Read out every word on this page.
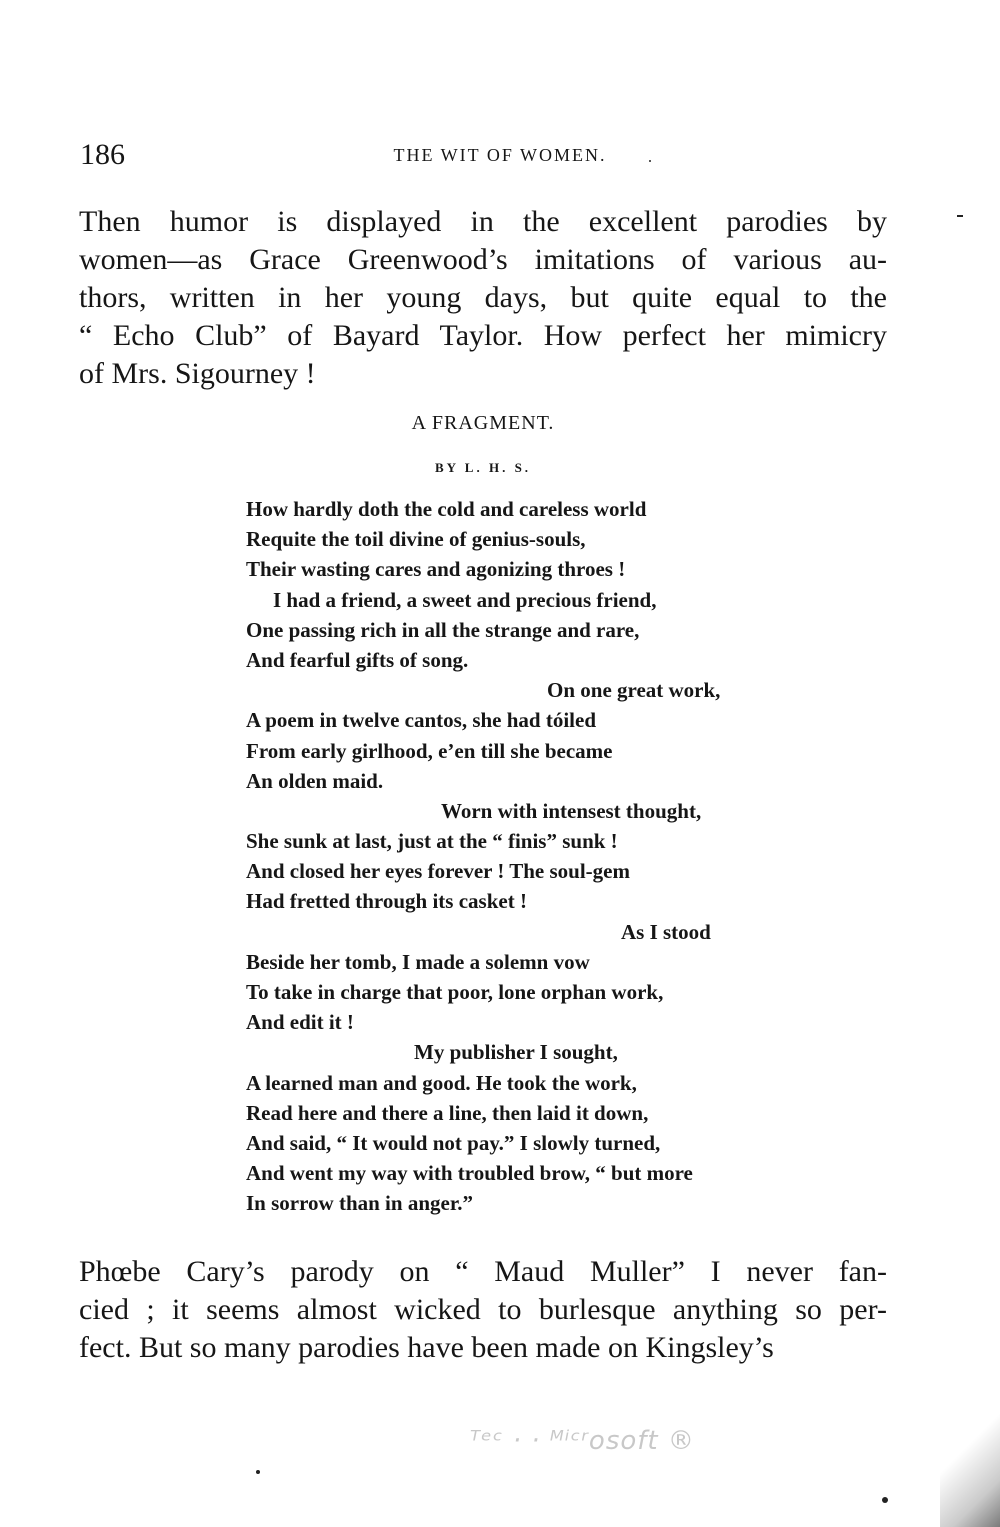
186	THE WIT OF WOMEN.
Then humor is displayed in the excellent parodies by
women—as Grace Greenwood’s imitations of various au-
thors, written in her young days, but quite equal to the
“ Echo Club” of Bayard Taylor. How perfect her mimicry
of Mrs. Sigourney !
A FRAGMENT.
BY L. H. S.
How hardly doth the cold and careless world
Requite the toil divine of genius-souls,
Their wasting cares and agonizing throes !
I had a friend, a sweet and precious friend,
One passing rich in all the strange and rare,
And fearful gifts of song.
On one great work,
A poem in twelve cantos, she had tóiled
From early girlhood, e’en till she became
An olden maid.
Worn with intensest thought,
She sunk at last, just at the “ finis” sunk !
And closed her eyes forever ! The soul-gem
Had fretted through its casket !
As I stood
Beside her tomb, I made a solemn vow
To take in charge that poor, lone orphan work,
And edit it !
My publisher I sought,
A learned man and good. He took the work,
Read here and there a line, then laid it down,
And said, “ It would not pay.” I slowly turned,
And went my way with troubled brow, “ but more
In sorrow than in anger.”
Phœbe Cary’s parody on “ Maud Muller” I never fan-
cied ; it seems almost wicked to burlesque anything so per-
fect. But so many parodies have been made on Kingsley’s
ᵀᵉᶜ · · ᴹⁱᶜʳosoft ®
